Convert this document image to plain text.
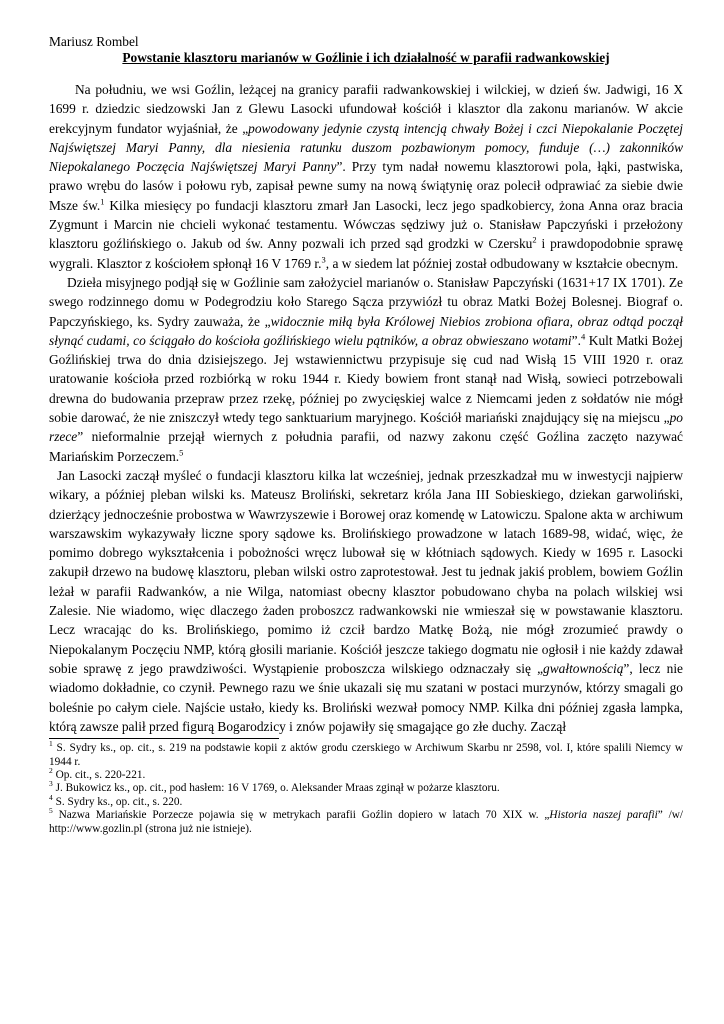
Mariusz Rombel

Powstanie klasztoru marianów w Goźlinie i ich działalność w parafii radwankowskiej

Na południu, we wsi Goźlin, leżącej na granicy parafii radwankowskiej i wilckiej, w dzień św. Jadwigi, 16 X 1699 r. dziedzic siedzowski Jan z Glewu Lasocki ufundował kościół i klasztor dla zakonu marianów. W akcie erekcyjnym fundator wyjaśniał, że „powodowany jedynie czystą intencją chwały Bożej i czci Niepokalanie Poczętej Najświętszej Maryi Panny, dla niesienia ratunku duszom pozbawionym pomocy, funduje (…) zakonników Niepokalanego Poczęcia Najświętszej Maryi Panny”. Przy tym nadał nowemu klasztorowi pola, łąki, pastwiska, prawo wrębu do lasów i połowu ryb, zapisał pewne sumy na nową świątynię oraz polecił odprawiać za siebie dwie Msze św.$^1$ Kilka miesięcy po fundacji klasztoru zmarł Jan Lasocki, lecz jego spadkobiercy, żona Anna oraz bracia Zygmunt i Marcin nie chcieli wykonać testamentu. Wówczas sędziwy już o. Stanisław Papczyński i przełożony klasztoru goźlińskiego o. Jakub od św. Anny pozwali ich przed sąd grodzki w Czersku$^2$ i prawdopodobnie sprawę wygrali. Klasztor z kościołem spłonął 16 V 1769 r.$^3$, a w siedem lat później został odbudowany w kształcie obecnym.

Dzieła misyjnego podjął się w Goźlinie sam założyciel marianów o. Stanisław Papczyński (1631+17 IX 1701). Ze swego rodzinnego domu w Podegrodziu koło Starego Sącza przywiózł tu obraz Matki Bożej Bolesnej. Biograf o. Papczyńskiego, ks. Sydry zauważa, że „widocznie miłą była Królowej Niebios zrobiona ofiara, obraz odtąd począł słynąć cudami, co ściągało do kościoła goźlińskiego wielu pątników, a obraz obwieszano wotami”.$^4$ Kult Matki Bożej Goźlińskiej trwa do dnia dzisiejszego. Jej wstawiennictwu przypisuje się cud nad Wisłą 15 VIII 1920 r. oraz uratowanie kościoła przed rozbiórką w roku 1944 r. Kiedy bowiem front stanął nad Wisłą, sowieci potrzebowali drewna do budowania przepraw przez rzekę, później po zwycięskiej walce z Niemcami jeden z sołdatów nie mógł sobie darować, że nie zniszczył wtedy tego sanktuarium maryjnego. Kościół mariański znajdujący się na miejscu „po rzece” nieformalnie przejął wiernych z południa parafii, od nazwy zakonu część Goźlina zaczęto nazywać Mariańskim Porzeczem.$^5$

Jan Lasocki zaczął myśleć o fundacji klasztoru kilka lat wcześniej, jednak przeszkadzał mu w inwestycji najpierw wikary, a później pleban wilski ks. Mateusz Broliński, sekretarz króla Jana III Sobieskiego, dziekan garwoliński, dzierżący jednocześnie probostwa w Wawrzyszewie i Borowej oraz komendę w Latowiczu. Spalone akta w archiwum warszawskim wykazywały liczne spory sądowe ks. Brolińskiego prowadzone w latach 1689-98, widać, więc, że pomimo dobrego wykształcenia i pobożności wręcz lubował się w kłótniach sądowych. Kiedy w 1695 r. Lasocki zakupił drzewo na budowę klasztoru, pleban wilski ostro zaprotestował. Jest tu jednak jakiś problem, bowiem Goźlin leżał w parafii Radwanków, a nie Wilga, natomiast obecny klasztor pobudowano chyba na polach wilskiej wsi Zalesie. Nie wiadomo, więc dlaczego żaden proboszcz radwankowski nie wmieszał się w powstawanie klasztoru. Lecz wracając do ks. Brolińskiego, pomimo iż czcił bardzo Matkę Bożą, nie mógł zrozumieć prawdy o Niepokalanym Poczęciu NMP, którą głosili marianie. Kościół jeszcze takiego dogmatu nie ogłosił i nie każdy zdawał sobie sprawę z jego prawdziwości. Wystąpienie proboszcza wilskiego odznaczały się „gwałtownością”, lecz nie wiadomo dokładnie, co czynił. Pewnego razu we śnie ukazali się mu szatani w postaci murzynów, którzy smagali go boleśnie po całym ciele. Najście ustało, kiedy ks. Broliński wezwał pomocy NMP. Kilka dni później zgasła lampka, którą zawsze palił przed figurą Bogarodzicy i znów pojawiły się smagające go złe duchy. Zaczął

$^1$ S. Sydry ks., op. cit., s. 219 na podstawie kopii z aktów grodu czerskiego w Archiwum Skarbu nr 2598, vol. I, które spalili Niemcy w 1944 r.

$^2$ Op. cit., s. 220-221.

$^3$ J. Bukowicz ks., op. cit., pod hasłem: 16 V 1769, o. Aleksander Mraas zginął w pożarze klasztoru.

$^4$ S. Sydry ks., op. cit., s. 220.

$^5$ Nazwa Mariańskie Porzecze pojawia się w metrykach parafii Goźlin dopiero w latach 70 XIX w. „Historia naszej parafii” /w/ http://www.gozlin.pl (strona już nie istnieje).
